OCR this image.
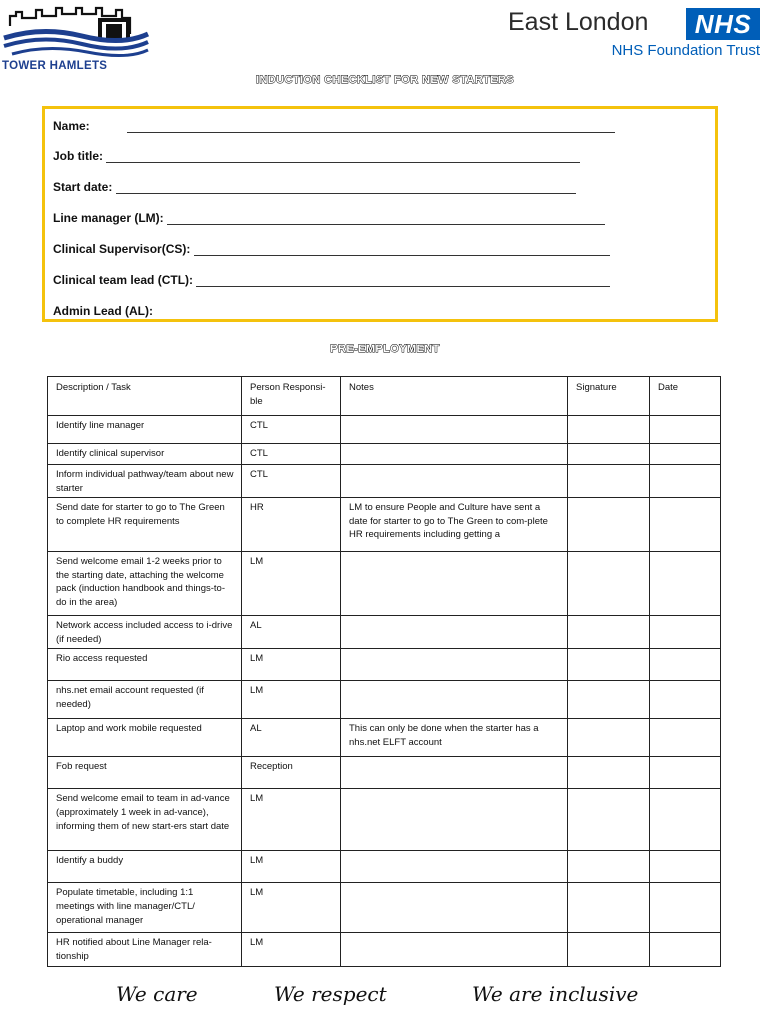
TOWER HAMLETS
East London	NHS
NHS Foundation Trust
INDUCTION CHECKLIST FOR NEW STARTERS
Name:
Job title:
Start date:
Line manager (LM):
Clinical Supervisor(CS):
Clinical team lead (CTL):
Admin Lead (AL):
PRE-EMPLOYMENT
Description / Task	Person Responsi-ble	Notes	Signature	Date
Identify line manager	CTL			
Identify clinical supervisor	CTL			
Inform individual pathway/team about new starter	CTL			
Send date for starter to go to The Green to complete HR requirements	HR	LM to ensure People and Culture have sent a date for starter to go to The Green to com-plete HR requirements including getting a		
Send welcome email 1-2 weeks prior to the starting date, attaching the welcome pack (induction handbook and things-to-do in the area)	LM			
Network access included access to i-drive (if needed)	AL			
Rio access requested	LM			
nhs.net email account requested (if needed)	LM			
Laptop and work mobile requested	AL	This can only be done when the starter has a nhs.net ELFT account		
Fob request	Reception			
Send welcome email to team in ad-vance (approximately 1 week in ad-vance), informing them of new start-ers start date	LM			
Identify a buddy	LM			
Populate timetable, including 1:1 meetings with line manager/CTL/ operational manager	LM			
HR notified about Line Manager rela-tionship	LM			
We care	We respect	We are inclusive
